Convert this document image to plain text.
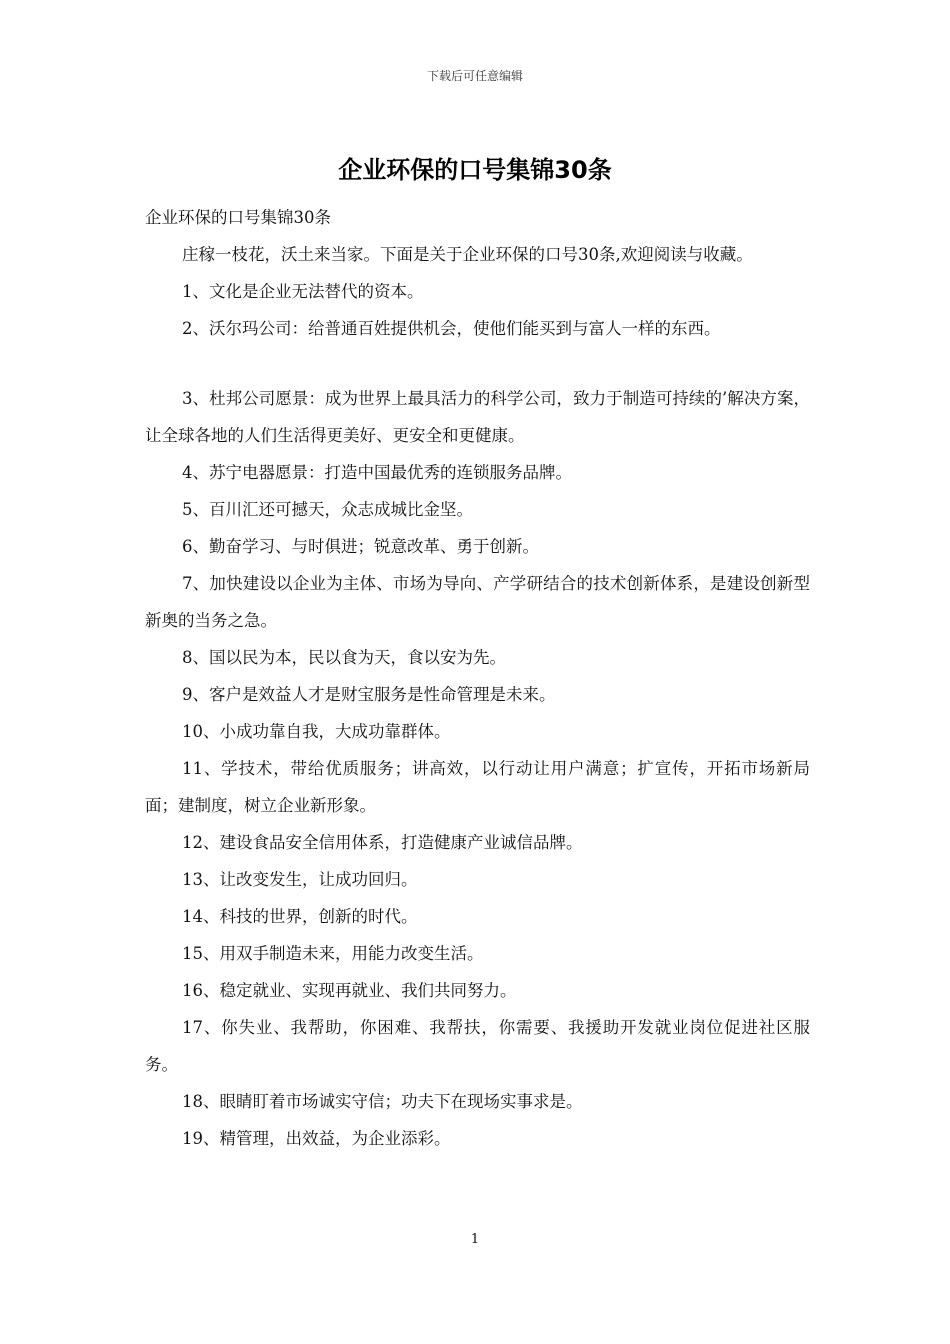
下载后可任意编辑
企业环保的口号集锦30条

企业环保的口号集锦30条

庄稼一枝花，沃土来当家。下面是关于企业环保的口号30条,欢迎阅读与收藏。

1、文化是企业无法替代的资本。

2、沃尔玛公司：给普通百姓提供机会，使他们能买到与富人一样的东西。

3、杜邦公司愿景：成为世界上最具活力的科学公司，致力于制造可持续的’解决方案，让全球各地的人们生活得更美好、更安全和更健康。

4、苏宁电器愿景：打造中国最优秀的连锁服务品牌。

5、百川汇还可撼天，众志成城比金坚。

6、勤奋学习、与时俱进；锐意改革、勇于创新。

7、加快建设以企业为主体、市场为导向、产学研结合的技术创新体系，是建设创新型新奥的当务之急。

8、国以民为本，民以食为天，食以安为先。

9、客户是效益人才是财宝服务是性命管理是未来。

10、小成功靠自我，大成功靠群体。

11、学技术，带给优质服务；讲高效，以行动让用户满意；扩宣传，开拓市场新局面；建制度，树立企业新形象。

12、建设食品安全信用体系，打造健康产业诚信品牌。

13、让改变发生，让成功回归。

14、科技的世界，创新的时代。

15、用双手制造未来，用能力改变生活。

16、稳定就业、实现再就业、我们共同努力。

17、你失业、我帮助，你困难、我帮扶，你需要、我援助开发就业岗位促进社区服务。

18、眼睛盯着市场诚实守信；功夫下在现场实事求是。

19、精管理，出效益，为企业添彩。

1
